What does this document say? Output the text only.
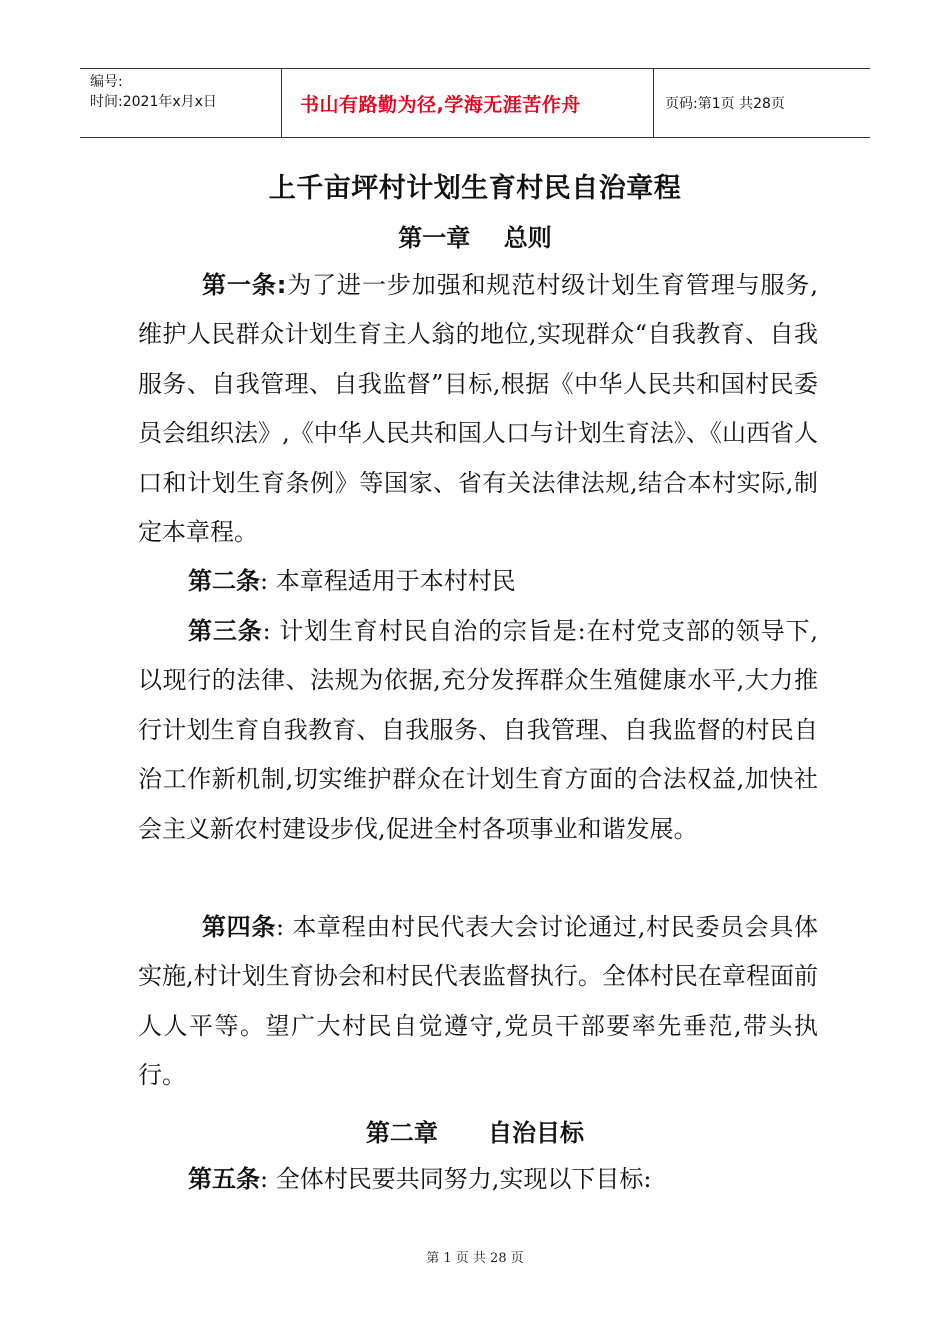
编号:
时间:2021年x月x日	书山有路勤为径,学海无涯苦作舟	页码:第1页 共28页
上千亩坪村计划生育村民自治章程
第一章    总则

第一条:为了进一步加强和规范村级计划生育管理与服务,维护人民群众计划生育主人翁的地位,实现群众“自我教育、自我服务、自我管理、自我监督”目标,根据《中华人民共和国村民委员会组织法》,《中华人民共和国人口与计划生育法》、《山西省人口和计划生育条例》等国家、省有关法律法规,结合本村实际,制定本章程。

第二条: 本章程适用于本村村民

第三条: 计划生育村民自治的宗旨是:在村党支部的领导下,以现行的法律、法规为依据,充分发挥群众生殖健康水平,大力推行计划生育自我教育、自我服务、自我管理、自我监督的村民自治工作新机制,切实维护群众在计划生育方面的合法权益,加快社会主义新农村建设步伐,促进全村各项事业和谐发展。

第四条: 本章程由村民代表大会讨论通过,村民委员会具体实施,村计划生育协会和村民代表监督执行。全体村民在章程面前人人平等。望广大村民自觉遵守,党员干部要率先垂范,带头执行。

第二章      自治目标

第五条: 全体村民要共同努力,实现以下目标:

第 1 页 共 28 页
